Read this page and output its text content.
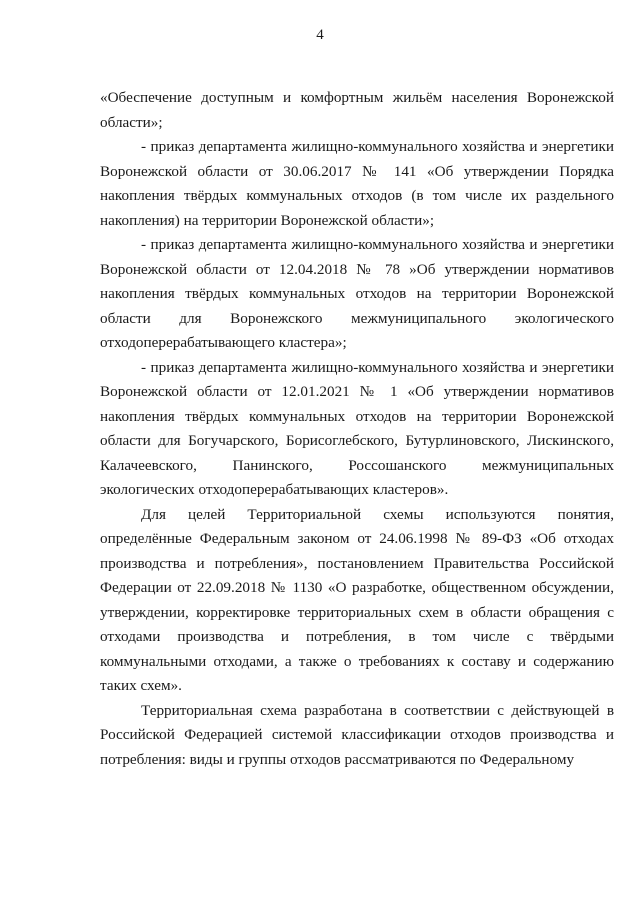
4

«Обеспечение доступным и комфортным жильём населения Воронежской области»;

- приказ департамента жилищно-коммунального хозяйства и энергетики Воронежской области от 30.06.2017 № 141 «Об утверждении Порядка накопления твёрдых коммунальных отходов (в том числе их раздельного накопления) на территории Воронежской области»;

- приказ департамента жилищно-коммунального хозяйства и энергетики Воронежской области от 12.04.2018 № 78 »Об утверждении нормативов накопления твёрдых коммунальных отходов на территории Воронежской области для Воронежского межмуниципального экологического отходоперерабатывающего кластера»;

- приказ департамента жилищно-коммунального хозяйства и энергетики Воронежской области от 12.01.2021 № 1 «Об утверждении нормативов накопления твёрдых коммунальных отходов на территории Воронежской области для Богучарского, Борисоглебского, Бутурлиновского, Лискинского, Калачеевского, Панинского, Россошанского межмуниципальных экологических отходоперерабатывающих кластеров».

Для целей Территориальной схемы используются понятия, определённые Федеральным законом от 24.06.1998 № 89-ФЗ «Об отходах производства и потребления», постановлением Правительства Российской Федерации от 22.09.2018 № 1130 «О разработке, общественном обсуждении, утверждении, корректировке территориальных схем в области обращения с отходами производства и потребления, в том числе с твёрдыми коммунальными отходами, а также о требованиях к составу и содержанию таких схем».

Территориальная схема разработана в соответствии с действующей в Российской Федерацией системой классификации отходов производства и потребления: виды и группы отходов рассматриваются по Федеральному
